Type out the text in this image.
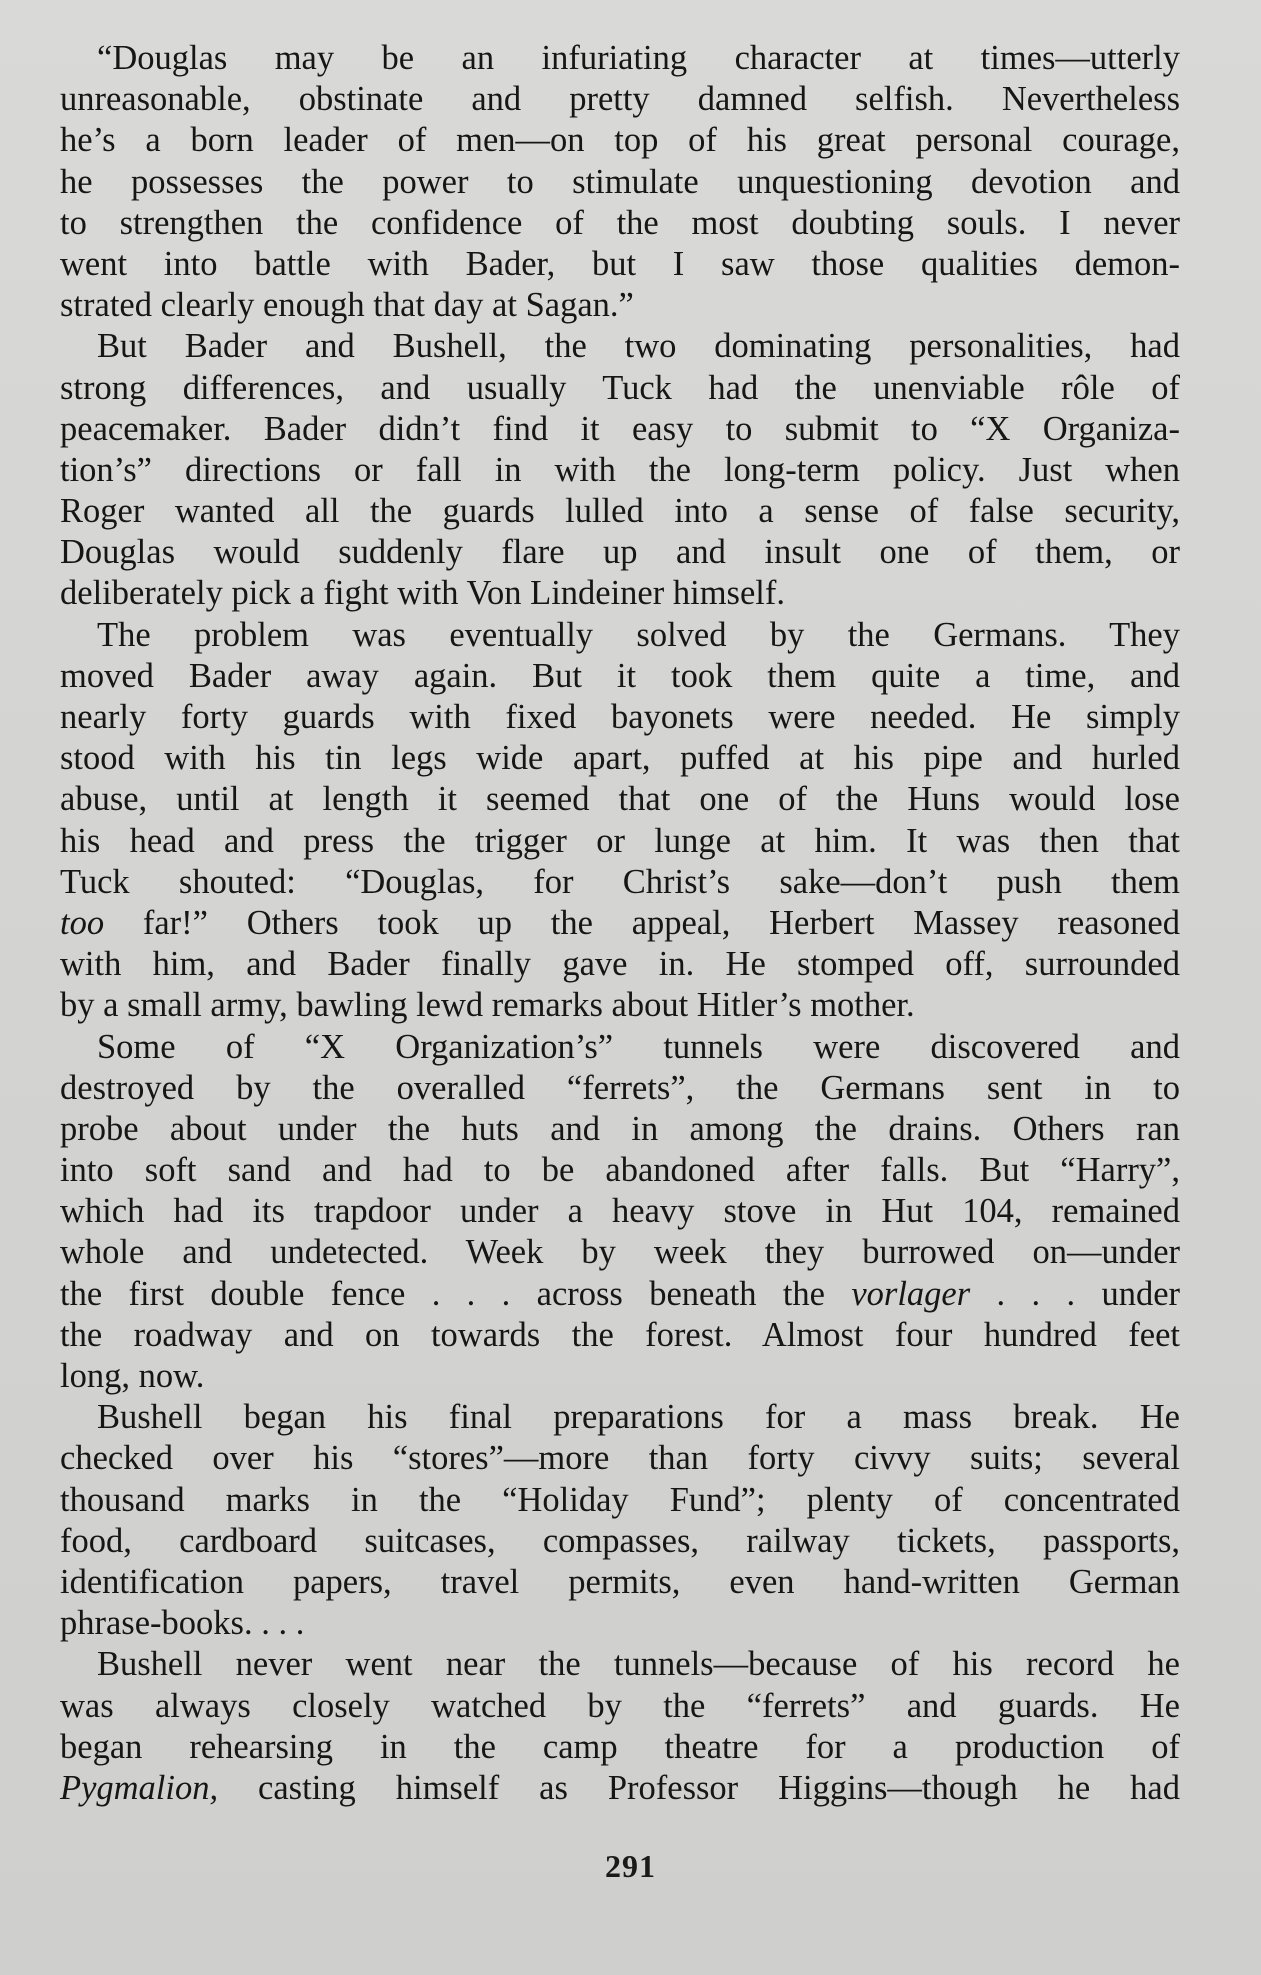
“Douglas may be an infuriating character at times—utterly
unreasonable, obstinate and pretty damned selfish. Nevertheless
he’s a born leader of men—on top of his great personal courage,
he possesses the power to stimulate unquestioning devotion and
to strengthen the confidence of the most doubting souls. I never
went into battle with Bader, but I saw those qualities demon-
strated clearly enough that day at Sagan.”
But Bader and Bushell, the two dominating personalities, had
strong differences, and usually Tuck had the unenviable rôle of
peacemaker. Bader didn’t find it easy to submit to “X Organiza-
tion’s” directions or fall in with the long-term policy. Just when
Roger wanted all the guards lulled into a sense of false security,
Douglas would suddenly flare up and insult one of them, or
deliberately pick a fight with Von Lindeiner himself.
The problem was eventually solved by the Germans. They
moved Bader away again. But it took them quite a time, and
nearly forty guards with fixed bayonets were needed. He simply
stood with his tin legs wide apart, puffed at his pipe and hurled
abuse, until at length it seemed that one of the Huns would lose
his head and press the trigger or lunge at him. It was then that
Tuck shouted: “Douglas, for Christ’s sake—don’t push them
too far!” Others took up the appeal, Herbert Massey reasoned
with him, and Bader finally gave in. He stomped off, surrounded
by a small army, bawling lewd remarks about Hitler’s mother.
Some of “X Organization’s” tunnels were discovered and
destroyed by the overalled “ferrets”, the Germans sent in to
probe about under the huts and in among the drains. Others ran
into soft sand and had to be abandoned after falls. But “Harry”,
which had its trapdoor under a heavy stove in Hut 104, remained
whole and undetected. Week by week they burrowed on—under
the first double fence . . . across beneath the vorlager . . . under
the roadway and on towards the forest. Almost four hundred feet
long, now.
Bushell began his final preparations for a mass break. He
checked over his “stores”—more than forty civvy suits; several
thousand marks in the “Holiday Fund”; plenty of concentrated
food, cardboard suitcases, compasses, railway tickets, passports,
identification papers, travel permits, even hand-written German
phrase-books. . . .
Bushell never went near the tunnels—because of his record he
was always closely watched by the “ferrets” and guards. He
began rehearsing in the camp theatre for a production of
Pygmalion, casting himself as Professor Higgins—though he had
291
